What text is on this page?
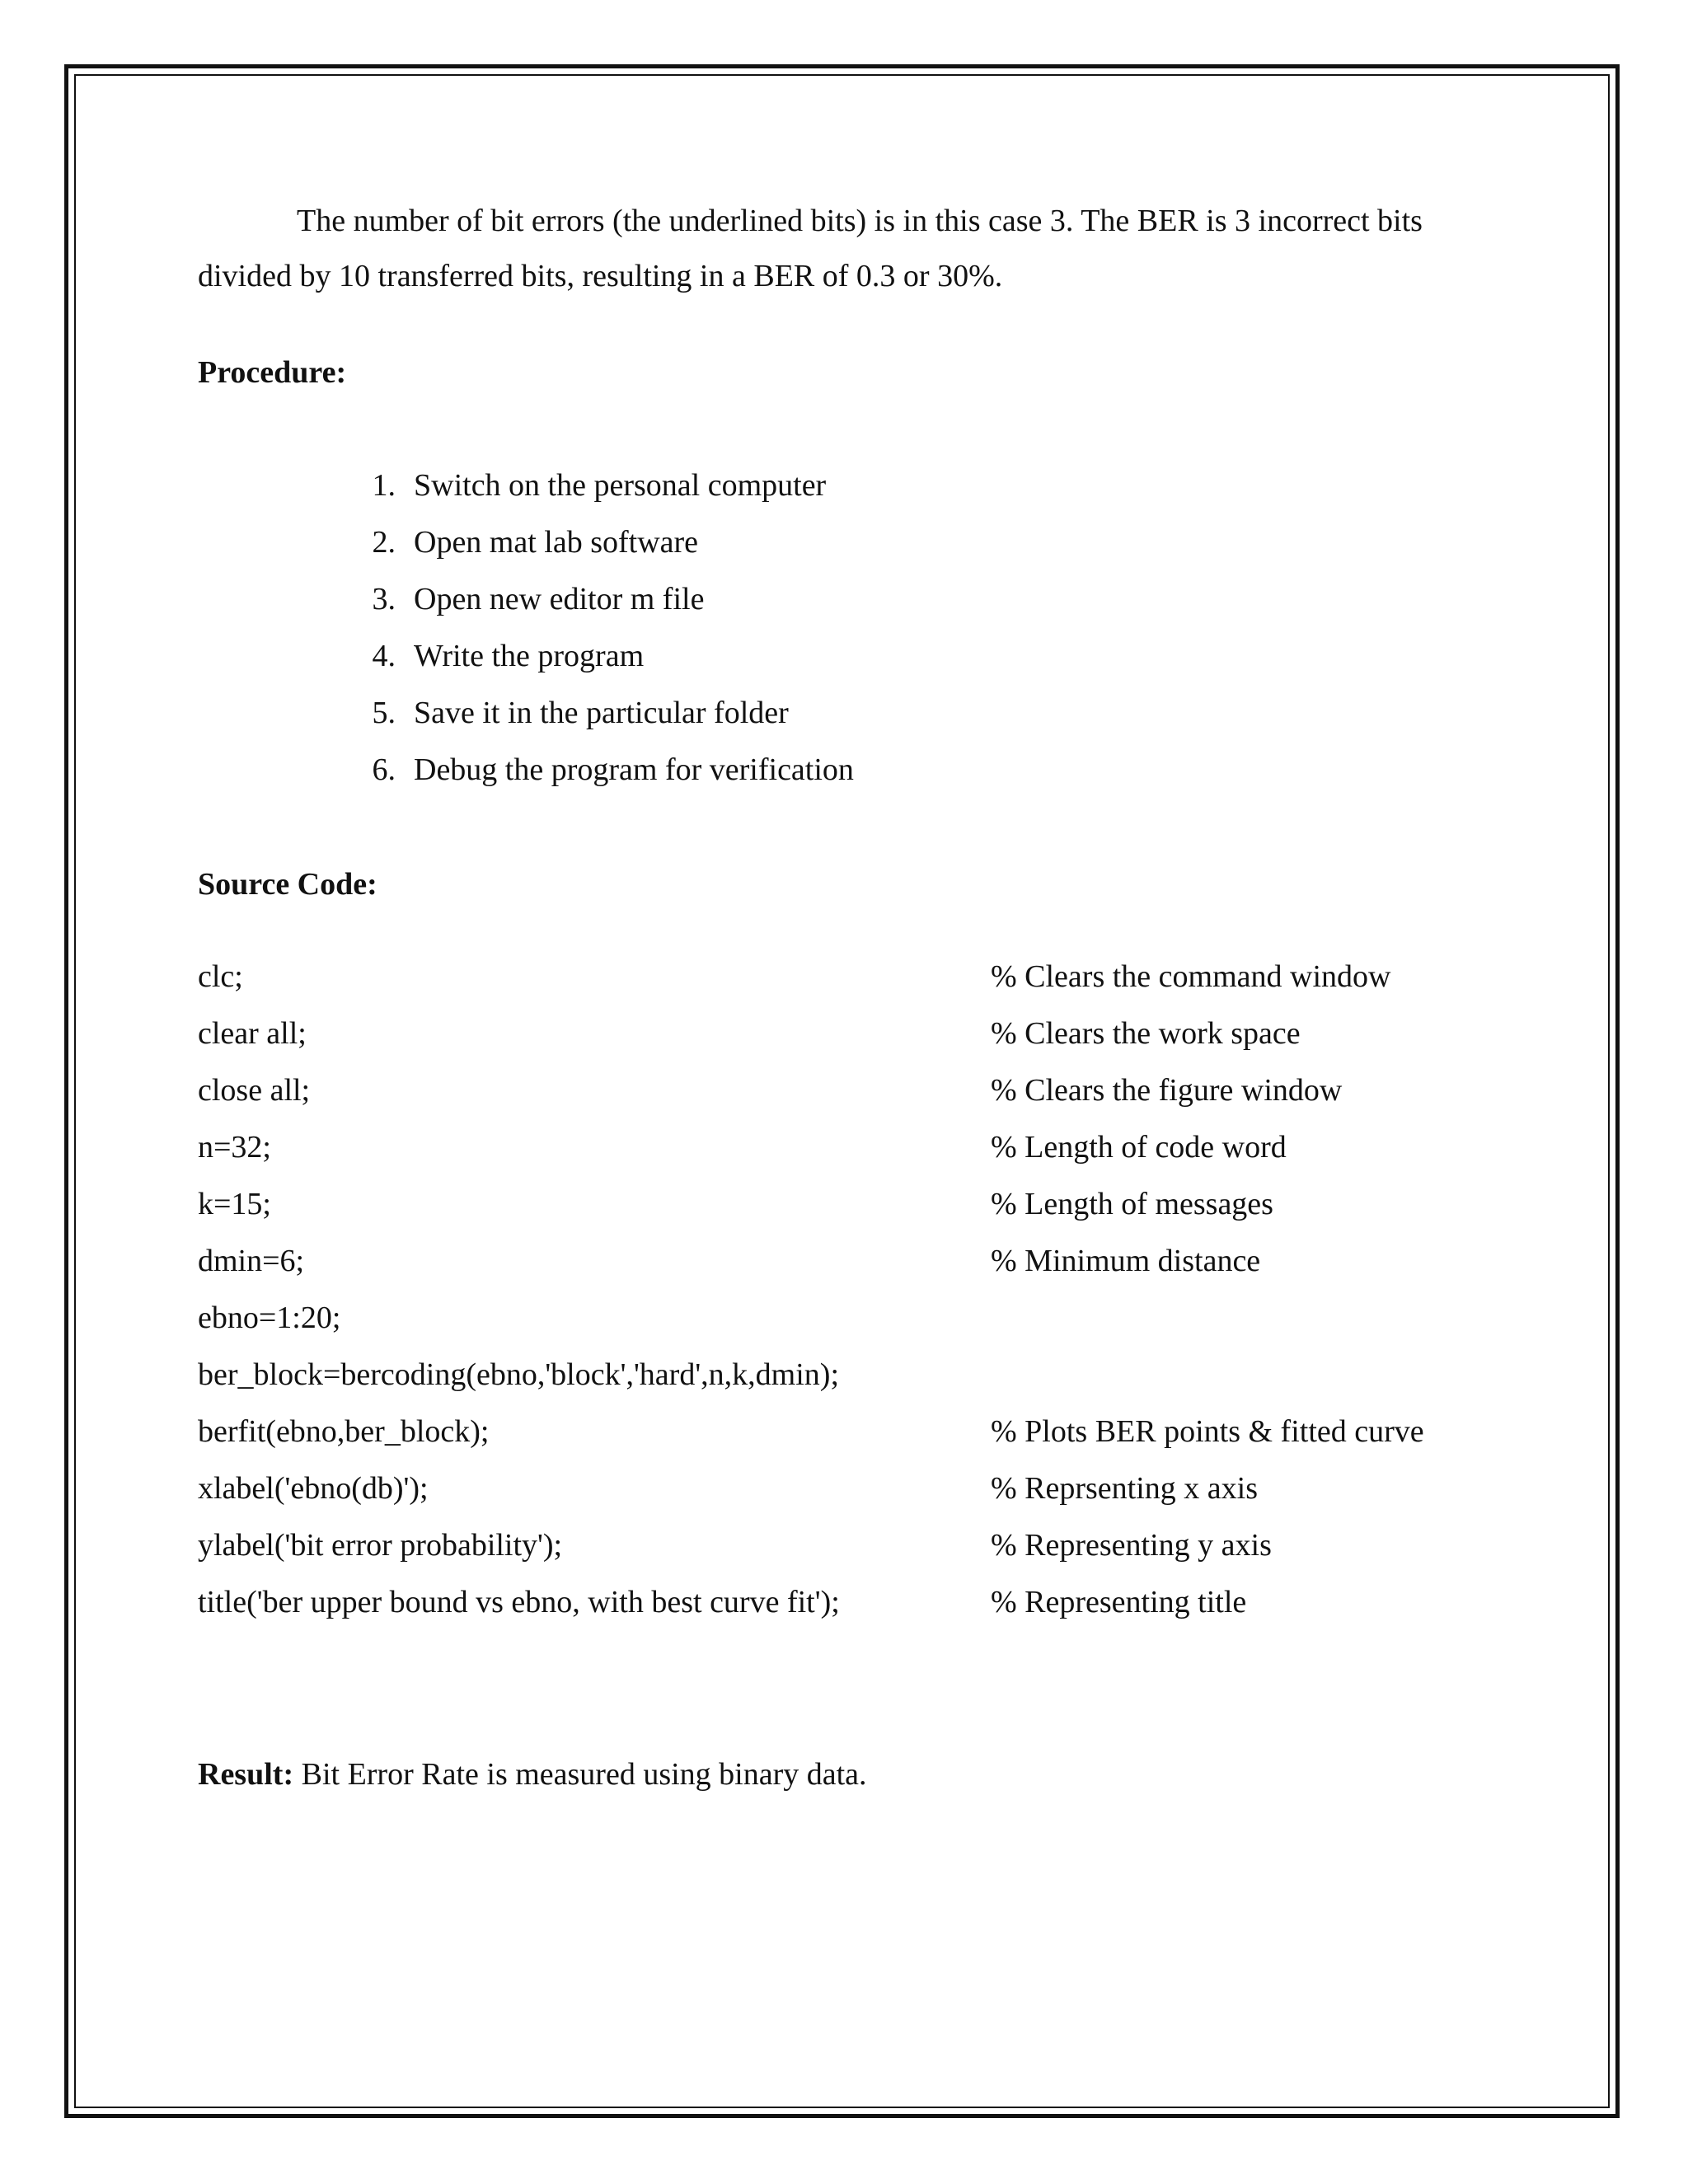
The number of bit errors (the underlined bits) is in this case 3. The BER is 3 incorrect bits divided by 10 transferred bits, resulting in a BER of 0.3 or 30%.

Procedure:

1. Switch on the personal computer
2. Open mat lab software
3. Open new editor m file
4. Write the program
5. Save it in the particular folder
6. Debug the program for verification

Source Code:

clc;	% Clears the command window
clear all;	% Clears the work space
close all;	% Clears the figure window
n=32;	% Length of code word
k=15;	% Length of messages
dmin=6;	% Minimum distance
ebno=1:20;
ber_block=bercoding(ebno,'block','hard',n,k,dmin);
berfit(ebno,ber_block);	% Plots BER points & fitted curve
xlabel('ebno(db)');	% Reprsenting x axis
ylabel('bit error probability');	% Representing y axis
title('ber upper bound vs ebno, with best curve fit');	% Representing title

Result: Bit Error Rate is measured using binary data.
